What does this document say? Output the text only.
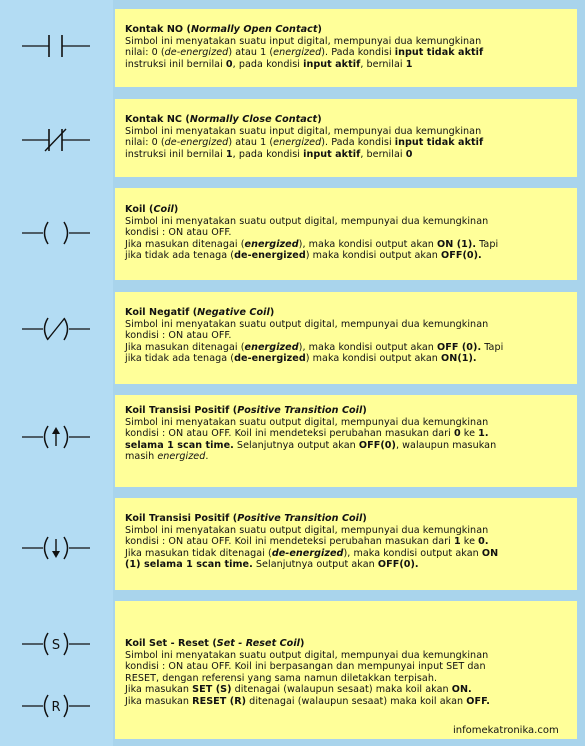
S
R

Kontak NO (Normally Open Contact)

Simbol ini menyatakan suatu input digital, mempunyai dua kemungkinan

nilai: 0 (de-energized) atau 1 (energized). Pada kondisi input tidak aktif

instruksi inil bernilai 0, pada kondisi input aktif, bernilai 1

Kontak NC (Normally Close Contact)

Simbol ini menyatakan suatu input digital, mempunyai dua kemungkinan

nilai: 0 (de-energized) atau 1 (energized). Pada kondisi input tidak aktif

instruksi inil bernilai 1, pada kondisi input aktif, bernilai 0

Koil (Coil)

Simbol ini menyatakan suatu output digital, mempunyai dua kemungkinan

kondisi : ON atau OFF.

Jika masukan ditenagai (energized), maka kondisi output akan ON (1). Tapi

jika tidak ada tenaga (de-energized) maka kondisi output akan OFF(0).

Koil Negatif (Negative Coil)

Simbol ini menyatakan suatu output digital, mempunyai dua kemungkinan

kondisi : ON atau OFF.

Jika masukan ditenagai (energized), maka kondisi output akan OFF (0). Tapi

jika tidak ada tenaga (de-energized) maka kondisi output akan ON(1).

Koil Transisi Positif (Positive Transition Coil)

Simbol ini menyatakan suatu output digital, mempunyai dua kemungkinan

kondisi : ON atau OFF. Koil ini mendeteksi perubahan masukan dari 0 ke 1.

selama 1 scan time. Selanjutnya output akan OFF(0), walaupun masukan

masih energized.

Koil Transisi Positif (Positive Transition Coil)

Simbol ini menyatakan suatu output digital, mempunyai dua kemungkinan

kondisi : ON atau OFF. Koil ini mendeteksi perubahan masukan dari 1 ke 0.

Jika masukan tidak ditenagai (de-energized), maka kondisi output akan ON

(1) selama 1 scan time. Selanjutnya output akan OFF(0).

Koil Set - Reset (Set - Reset Coil)

Simbol ini menyatakan suatu output digital, mempunyai dua kemungkinan

kondisi : ON atau OFF. Koil ini berpasangan dan mempunyai input SET dan

RESET, dengan referensi yang sama namun diletakkan terpisah.

Jika masukan SET (S) ditenagai (walaupun sesaat) maka koil akan ON.

Jika masukan RESET (R) ditenagai (walaupun sesaat) maka koil akan OFF.

infomekatronika.com
